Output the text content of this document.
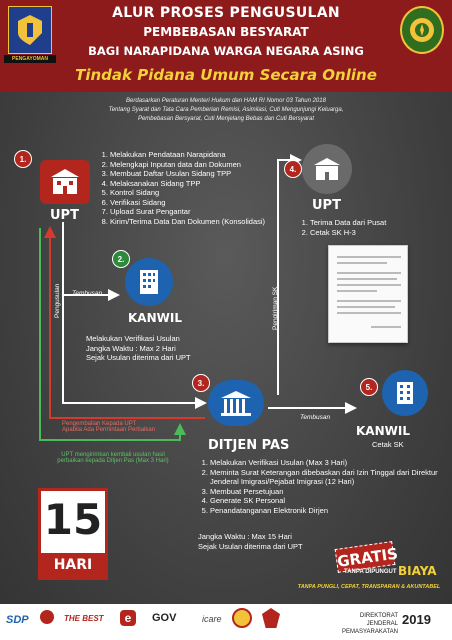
PENGAYOMAN
ALUR PROSES PENGUSULAN
PEMBEBASAN BESYARAT
BAGI NARAPIDANA WARGA NEGARA ASING
Tindak Pidana Umum Secara Online
Berdasarkan Peraturan Menteri Hukum dan HAM RI Nomor 03 Tahun 2018
Tentang Syarat dan Tata Cara Pemberian Remisi, Asimilasi, Cuti Mengunjungi Keluarga,
Pembebasan Bersyarat, Cuti Menjelang Bebas dan Cuti Bersyarat
1.
UPT
1. Melakukan Pendataan Narapidana
2. Melengkapi Inputan data dan Dokumen
3. Membuat Daftar Usulan Sidang TPP
4. Melaksanakan Sidang TPP
5. Kontrol Sidang
6. Verifikasi Sidang
7. Upload Surat Pengantar
8. Kirim/Terima Data Dan Dokumen (Konsolidasi)
2.
KANWIL
Melakukan Verifikasi Usulan
Jangka Waktu : Max 2 Hari
Sejak Usulan diterima dari UPT
Tembusan
Pengusulan
3.
DITJEN PAS
1. Melakukan Verifikasi Usulan (Max 3 Hari)
2. Meminta Surat Keterangan dibebaskan dari Izin Tinggal dari Direktur Jenderal Imigrasi/Pejabat Imigrasi (12 Hari)
3. Membuat Persetujuan
4. Generate SK Personal
5. Penandatanganan Elektronik Dirjen
Jangka Waktu : Max 15 Hari
Sejak Usulan diterima dari UPT
Pengembalian Kepada UPT
Apabila Ada Permintaan Perbaikan
UPT mengirimkan kembali usulan hasil
perbaikan kepada Ditjen Pas (Max 3 Hari)
4.
UPT
1. Terima Data dari Pusat
2. Cetak SK H-3
Pengiriman SK
5.
KANWIL
Cetak SK
Tembusan
15
HARI	GRATIS
TANPA DIPUNGUT BIAYA
TANPA PUNGLI, CEPAT, TRANSPARAN & AKUNTABEL
SDP	THE BEST	e	GOV	icare	DIREKTORAT JENDERAL
PEMASYARAKATAN
2019
